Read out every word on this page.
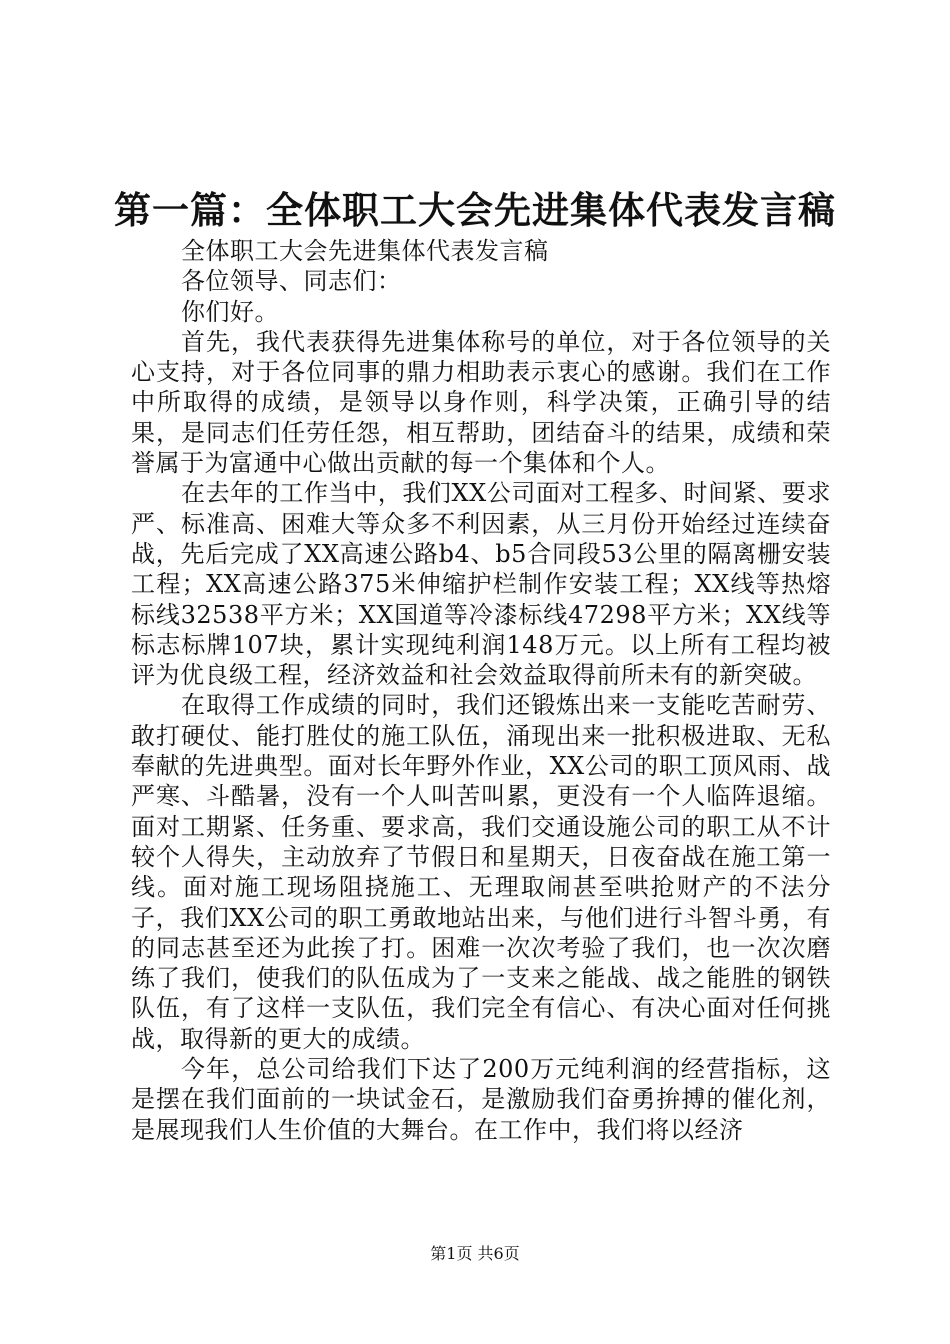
第一篇：全体职工大会先进集体代表发言稿

全体职工大会先进集体代表发言稿

各位领导、同志们：

你们好。

首先，我代表获得先进集体称号的单位，对于各位领导的关心支持，对于各位同事的鼎力相助表示衷心的感谢。我们在工作中所取得的成绩，是领导以身作则，科学决策，正确引导的结果，是同志们任劳任怨，相互帮助，团结奋斗的结果，成绩和荣誉属于为富通中心做出贡献的每一个集体和个人。

在去年的工作当中，我们XX公司面对工程多、时间紧、要求严、标准高、困难大等众多不利因素，从三月份开始经过连续奋战，先后完成了XX高速公路b4、b5合同段53公里的隔离栅安装工程；XX高速公路375米伸缩护栏制作安装工程；XX线等热熔标线32538平方米；XX国道等冷漆标线47298平方米；XX线等标志标牌107块，累计实现纯利润148万元。以上所有工程均被评为优良级工程，经济效益和社会效益取得前所未有的新突破。

在取得工作成绩的同时，我们还锻炼出来一支能吃苦耐劳、敢打硬仗、能打胜仗的施工队伍，涌现出来一批积极进取、无私奉献的先进典型。面对长年野外作业，XX公司的职工顶风雨、战严寒、斗酷暑，没有一个人叫苦叫累，更没有一个人临阵退缩。面对工期紧、任务重、要求高，我们交通设施公司的职工从不计较个人得失，主动放弃了节假日和星期天，日夜奋战在施工第一线。面对施工现场阻挠施工、无理取闹甚至哄抢财产的不法分子，我们XX公司的职工勇敢地站出来，与他们进行斗智斗勇，有的同志甚至还为此挨了打。困难一次次考验了我们，也一次次磨练了我们，使我们的队伍成为了一支来之能战、战之能胜的钢铁队伍，有了这样一支队伍，我们完全有信心、有决心面对任何挑战，取得新的更大的成绩。

今年，总公司给我们下达了200万元纯利润的经营指标，这是摆在我们面前的一块试金石，是激励我们奋勇拚搏的催化剂，是展现我们人生价值的大舞台。在工作中，我们将以经济

第1页 共6页
